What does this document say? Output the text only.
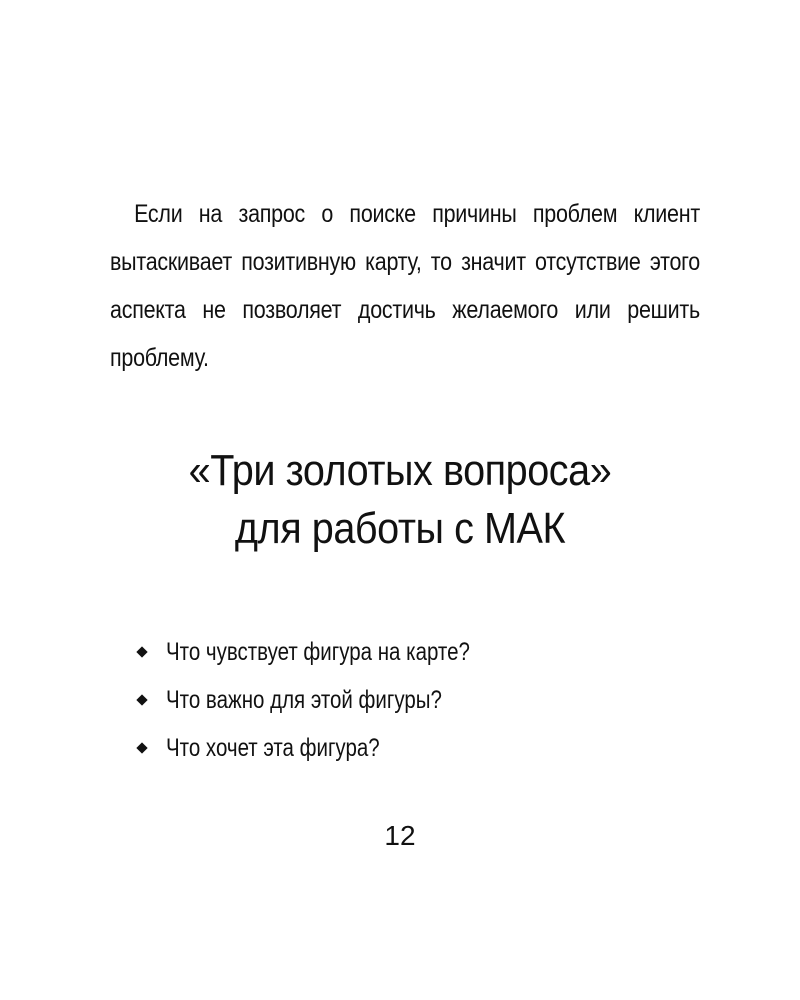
Если на запрос о поиске причины проблем клиент вытаскивает позитивную карту, то значит отсутствие этого аспекта не позволяет достичь желаемого или решить проблему.

«Три золотых вопроса»
для работы с МАК
Что чувствует фигура на карте?
Что важно для этой фигуры?
Что хочет эта фигура?
12
